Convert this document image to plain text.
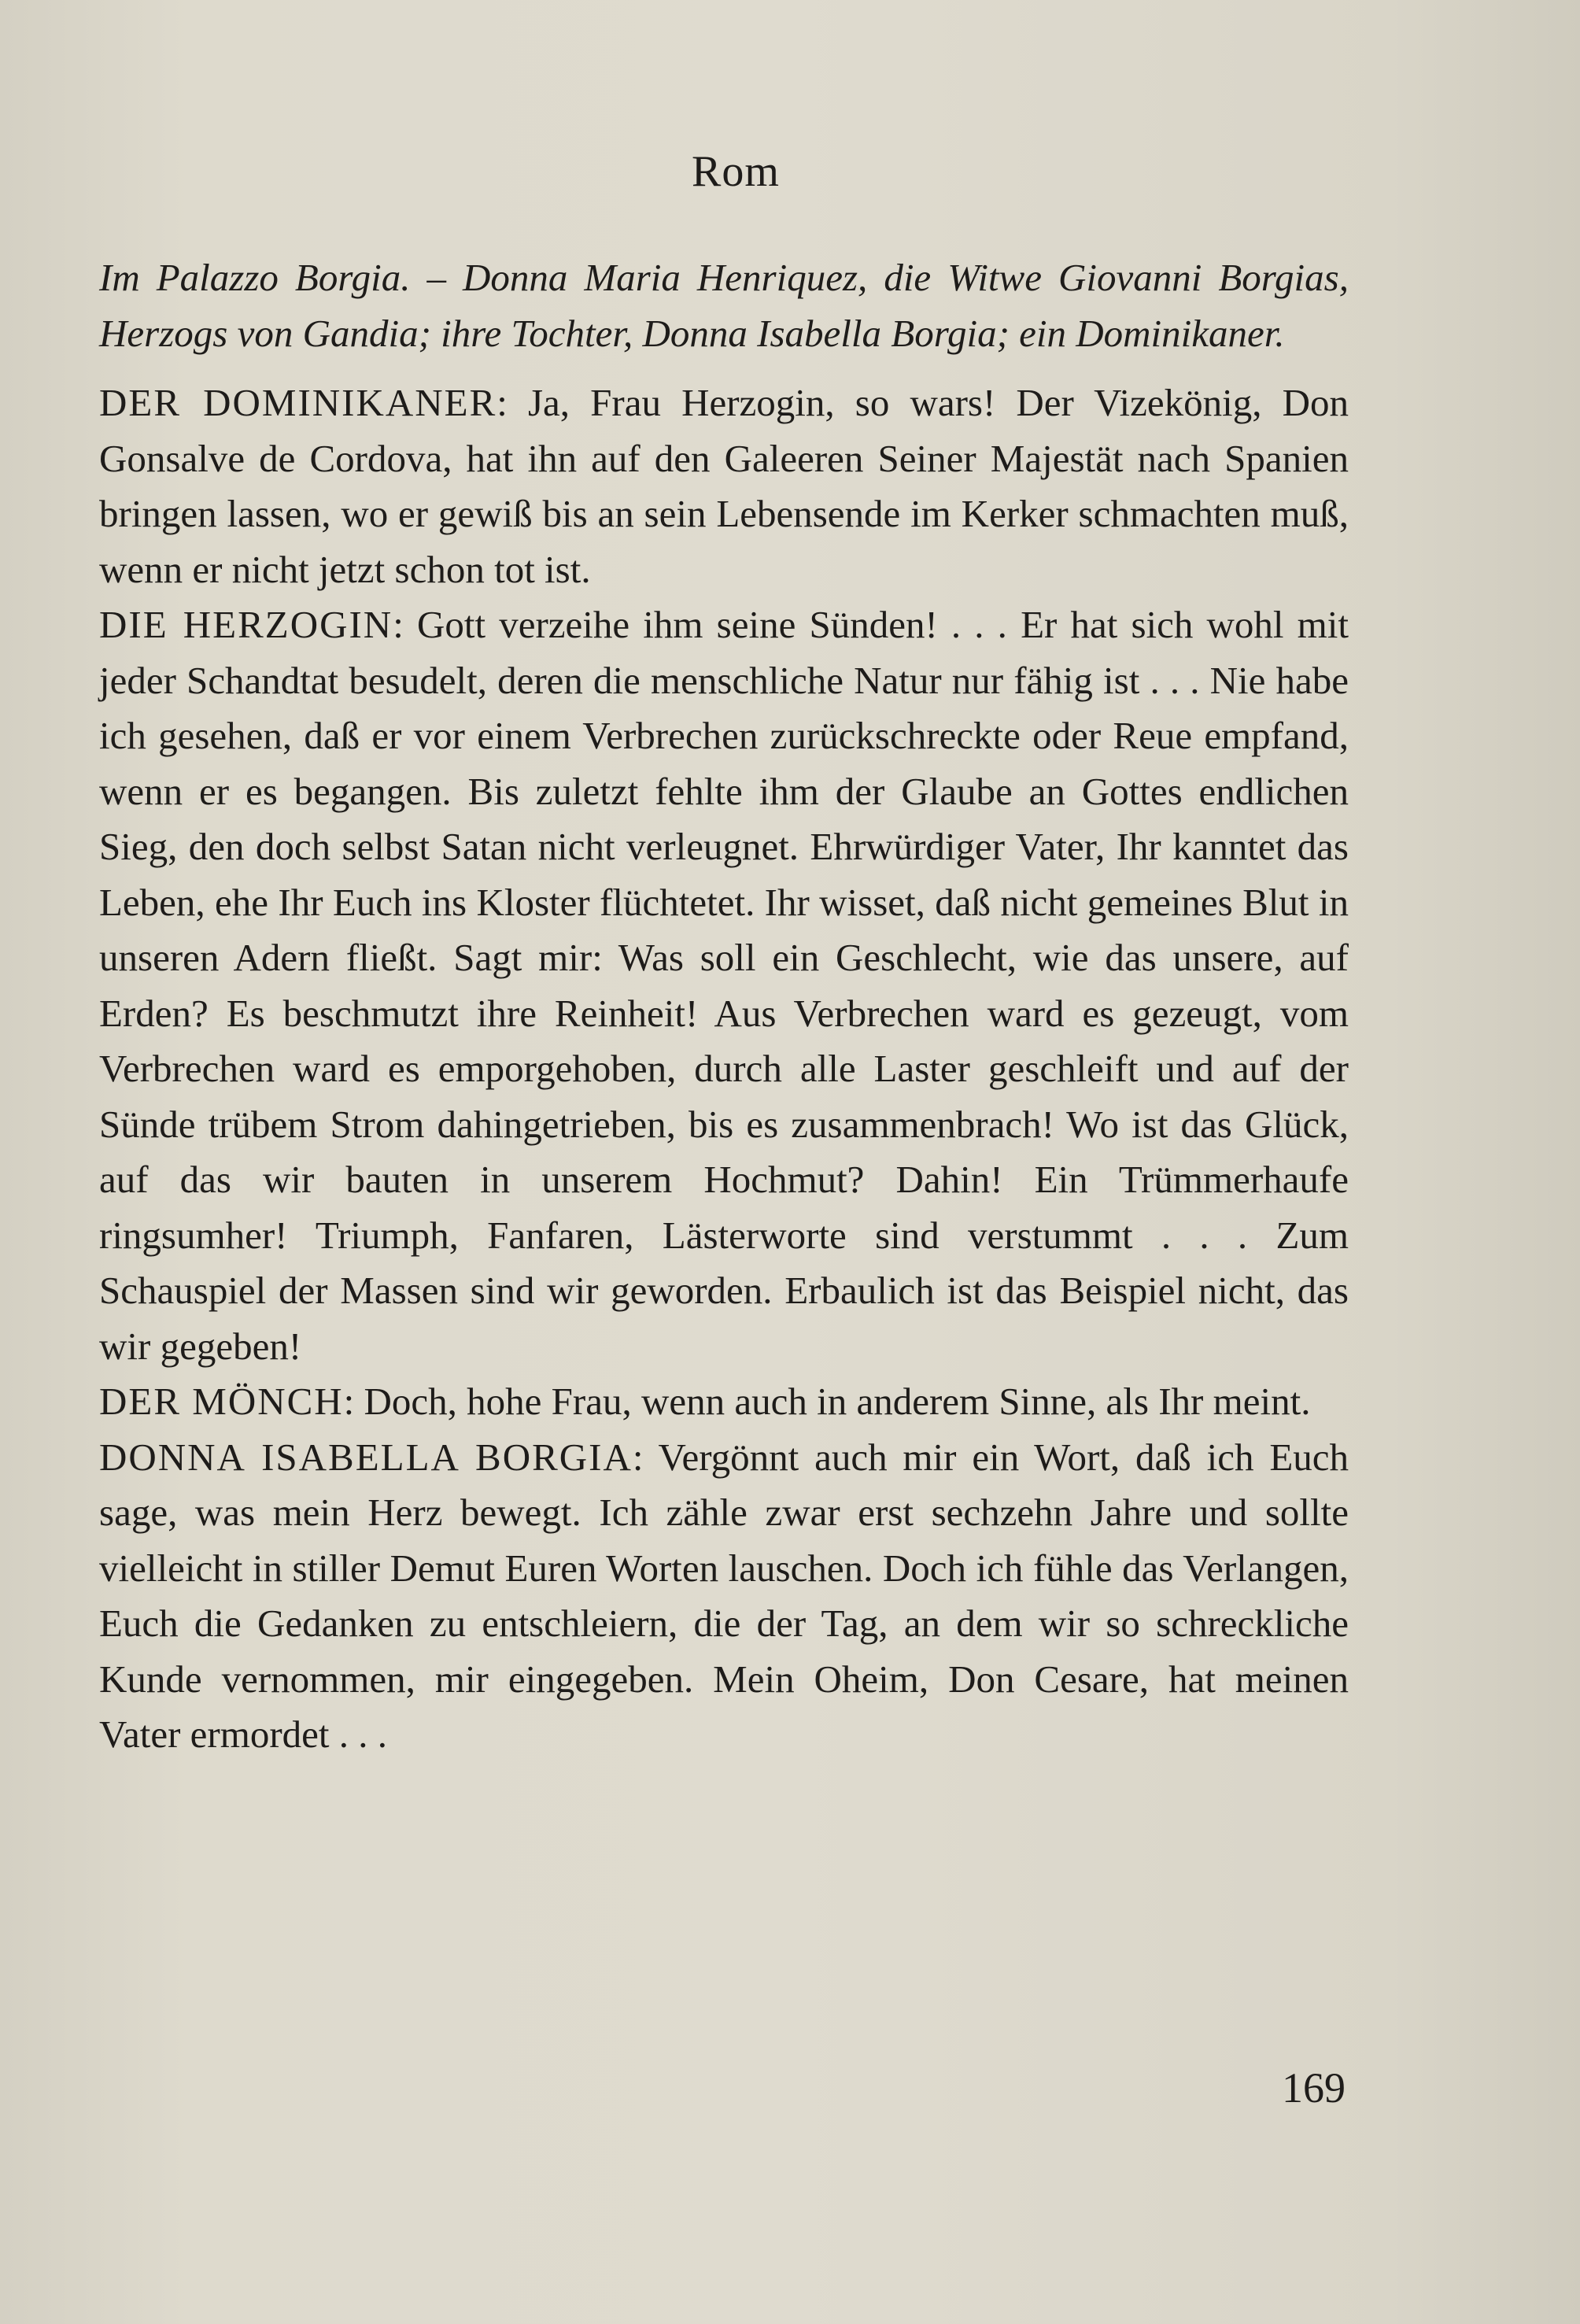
Rom

Im Palazzo Borgia. – Donna Maria Henriquez, die Witwe Giovanni Borgias, Herzogs von Gandia; ihre Tochter, Donna Isabella Borgia; ein Dominikaner.

DER DOMINIKANER: Ja, Frau Herzogin, so wars! Der Vizekönig, Don Gonsalve de Cordova, hat ihn auf den Galeeren Seiner Majestät nach Spanien bringen lassen, wo er gewiß bis an sein Lebensende im Kerker schmachten muß, wenn er nicht jetzt schon tot ist.

DIE HERZOGIN: Gott verzeihe ihm seine Sünden! . . . Er hat sich wohl mit jeder Schandtat besudelt, deren die menschliche Natur nur fähig ist . . . Nie habe ich gesehen, daß er vor einem Verbrechen zurückschreckte oder Reue empfand, wenn er es begangen. Bis zuletzt fehlte ihm der Glaube an Gottes endlichen Sieg, den doch selbst Satan nicht verleugnet. Ehrwürdiger Vater, Ihr kanntet das Leben, ehe Ihr Euch ins Kloster flüchtetet. Ihr wisset, daß nicht gemeines Blut in unseren Adern fließt. Sagt mir: Was soll ein Geschlecht, wie das unsere, auf Erden? Es beschmutzt ihre Reinheit! Aus Verbrechen ward es gezeugt, vom Verbrechen ward es emporgehoben, durch alle Laster geschleift und auf der Sünde trübem Strom dahingetrieben, bis es zusammenbrach! Wo ist das Glück, auf das wir bauten in unserem Hochmut? Dahin! Ein Trümmerhaufe ringsumher! Triumph, Fanfaren, Lästerworte sind verstummt . . . Zum Schauspiel der Massen sind wir geworden. Erbaulich ist das Beispiel nicht, das wir gegeben!

DER MÖNCH: Doch, hohe Frau, wenn auch in anderem Sinne, als Ihr meint.

DONNA ISABELLA BORGIA: Vergönnt auch mir ein Wort, daß ich Euch sage, was mein Herz bewegt. Ich zähle zwar erst sechzehn Jahre und sollte vielleicht in stiller Demut Euren Worten lauschen. Doch ich fühle das Verlangen, Euch die Gedanken zu entschleiern, die der Tag, an dem wir so schreckliche Kunde vernommen, mir eingegeben. Mein Oheim, Don Cesare, hat meinen Vater ermordet . . .

169
